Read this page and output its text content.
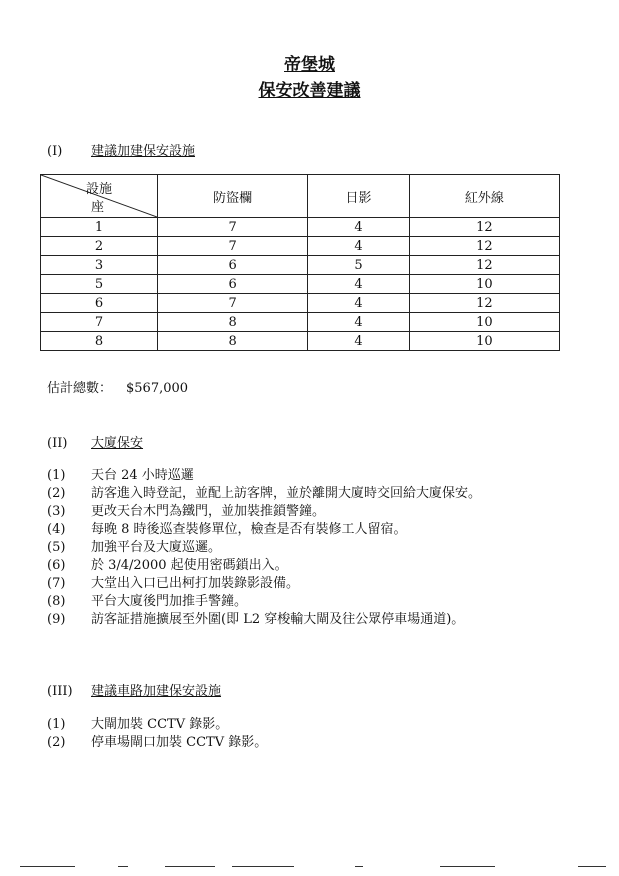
帝堡城
保安改善建議
(I) 建議加建保安設施
設施
座	防盜欄	日影	紅外線
1	7	4	12
2	7	4	12
3	6	5	12
5	6	4	10
6	7	4	12
7	8	4	10
8	8	4	10
估計總數： $567,000
(II) 大廈保安
(1) 天台 24 小時巡邏
(2) 訪客進入時登記，並配上訪客牌，並於離開大廈時交回給大廈保安。
(3) 更改天台木門為鐵門，並加裝推鎖警鐘。
(4) 每晚 8 時後巡查裝修單位，檢查是否有裝修工人留宿。
(5) 加強平台及大廈巡邏。
(6) 於 3/4/2000 起使用密碼鎖出入。
(7) 大堂出入口已出柯打加裝錄影設備。
(8) 平台大廈後門加推手警鐘。
(9) 訪客証措施擴展至外圍(即 L2 穿梭輸大閘及往公眾停車場通道)。
(III) 建議車路加建保安設施
(1) 大閘加裝 CCTV 錄影。
(2) 停車場閘口加裝 CCTV 錄影。
